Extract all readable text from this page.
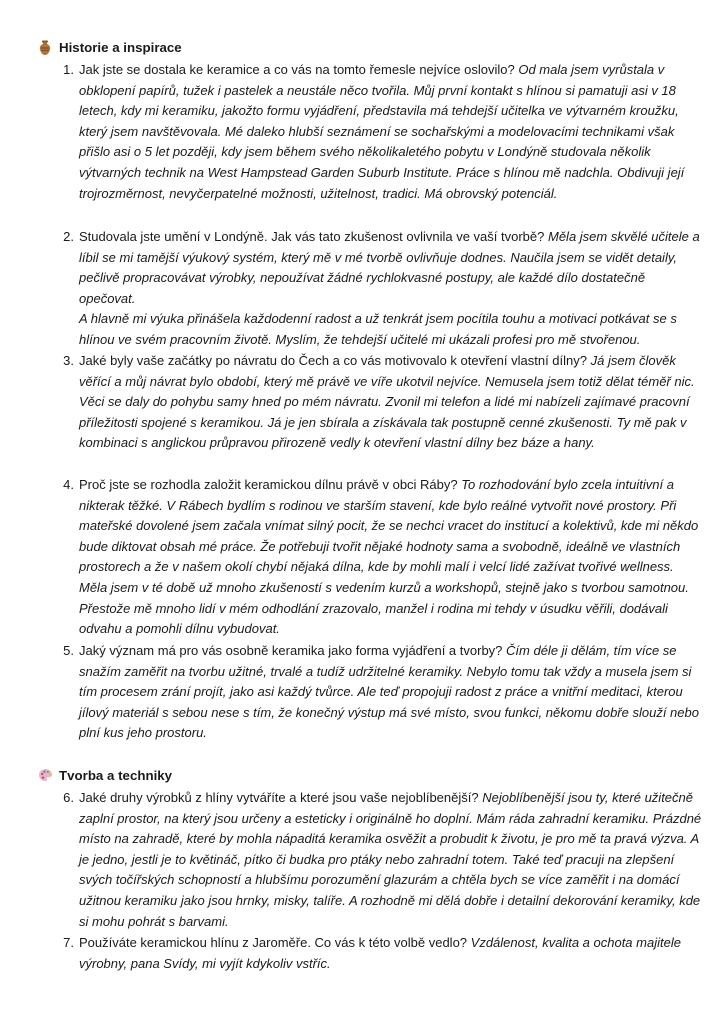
Historie a inspirace
1. Jak jste se dostala ke keramice a co vás na tomto řemesle nejvíce oslovilo? Od mala jsem vyrůstala v obklopení papírů, tužek i pastelek a neustále něco tvořila. Můj první kontakt s hlínou si pamatuji asi v 18 letech, kdy mi keramiku, jakožto formu vyjádření, představila má tehdejší učitelka ve výtvarném kroužku, který jsem navštěvovala. Mé daleko hlubší seznámení se sochařskými a modelovacími technikami však přišlo asi o 5 let později, kdy jsem během svého několikaletého pobytu v Londýně studovala několik výtvarných technik na West Hampstead Garden Suburb Institute. Práce s hlínou mě nadchla. Obdivuji její trojrozměrnost, nevyčerpatelné možnosti, užitelnost, tradici. Má obrovský potenciál.
2. Studovala jste umění v Londýně. Jak vás tato zkušenost ovlivnila ve vaší tvorbě? Měla jsem skvělé učitele a líbil se mi tamější výukový systém, který mě v mé tvorbě ovlivňuje dodnes. Naučila jsem se vidět detaily, pečlivě propracovávat výrobky, nepoužívat žádné rychlokvasné postupy, ale každé dílo dostatečně opečovat.
A hlavně mi výuka přinášela každodenní radost a už tenkrát jsem pocítila touhu a motivaci potkávat se s hlínou ve svém pracovním životě. Myslím, že tehdejší učitelé mi ukázali profesi pro mě stvořenou.
3. Jaké byly vaše začátky po návratu do Čech a co vás motivovalo k otevření vlastní dílny? Já jsem člověk věřící a můj návrat bylo období, který mě právě ve víře ukotvil nejvíce. Nemusela jsem totiž dělat téměř nic. Věci se daly do pohybu samy hned po mém návratu. Zvonil mi telefon a lidé mi nabízeli zajímavé pracovní příležitosti spojené s keramikou. Já je jen sbírala a získávala tak postupně cenné zkušenosti. Ty mě pak v kombinaci s anglickou průpravou přirozeně vedly k otevření vlastní dílny bez báze a hany.
4. Proč jste se rozhodla založit keramickou dílnu právě v obci Ráby? To rozhodování bylo zcela intuitivní a nikterak těžké. V Rábech bydlím s rodinou ve starším stavení, kde bylo reálné vytvořit nové prostory. Při mateřské dovolené jsem začala vnímat silný pocit, že se nechci vracet do institucí a kolektivů, kde mi někdo bude diktovat obsah mé práce. Že potřebuji tvořit nějaké hodnoty sama a svobodně, ideálně ve vlastních prostorech a že v našem okolí chybí nějaká dílna, kde by mohli malí i velcí lidé zažívat tvořivé wellness. Měla jsem v té době už mnoho zkušeností s vedením kurzů a workshopů, stejně jako s tvorbou samotnou. Přestože mě mnoho lidí v mém odhodlání zrazovalo, manžel i rodina mi tehdy v úsudku věřili, dodávali odvahu a pomohli dílnu vybudovat.
5. Jaký význam má pro vás osobně keramika jako forma vyjádření a tvorby? Čím déle ji dělám, tím více se snažím zaměřit na tvorbu užitné, trvalé a tudíž udržitelné keramiky. Nebylo tomu tak vždy a musela jsem si tím procesem zrání projít, jako asi každý tvůrce. Ale teď propojuji radost z práce a vnitřní meditaci, kterou jílový materiál s sebou nese s tím, že konečný výstup má své místo, svou funkci, někomu dobře slouží nebo plní kus jeho prostoru.
Tvorba a techniky
6. Jaké druhy výrobků z hlíny vytváříte a které jsou vaše nejoblíbenější? Nejoblíbenější jsou ty, které užitečně zaplní prostor, na který jsou určeny a esteticky i originálně ho doplní. Mám ráda zahradní keramiku. Prázdné místo na zahradě, které by mohla nápaditá keramika osvěžit a probudit k životu, je pro mě ta pravá výzva. A je jedno, jestli je to květináč, pítko či budka pro ptáky nebo zahradní totem. Také teď pracuji na zlepšení svých točířských schopností a hlubšímu porozumění glazurám a chtěla bych se více zaměřit i na domácí užitnou keramiku jako jsou hrnky, misky, talíře. A rozhodně mi dělá dobře i detailní dekorování keramiky, kde si mohu pohrát s barvami.
7. Používáte keramickou hlínu z Jaroměře. Co vás k této volbě vedlo? Vzdálenost, kvalita a ochota majitele výrobny, pana Svídy, mi vyjít kdykoliv vstříc.
